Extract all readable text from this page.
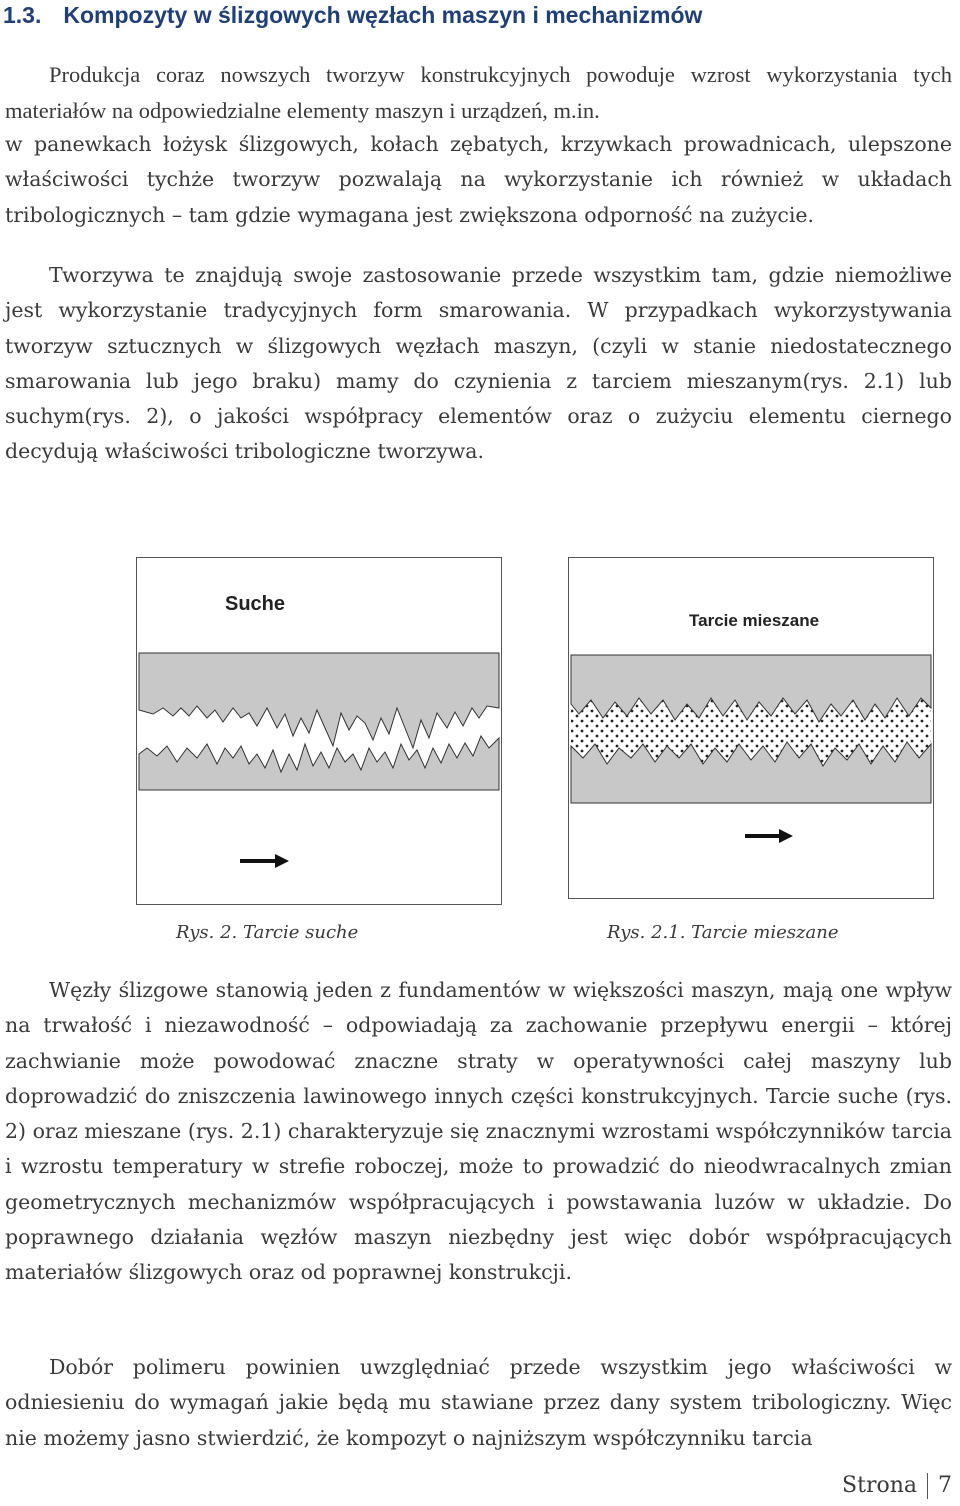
1.3. Kompozyty w ślizgowych węzłach maszyn i mechanizmów

Produkcja coraz nowszych tworzyw konstrukcyjnych powoduje wzrost wykorzystania tych materiałów na odpowiedzialne elementy maszyn i urządzeń, m.in.

w panewkach łożysk ślizgowych, kołach zębatych, krzywkach prowadnicach, ulepszone właściwości tychże tworzyw pozwalają na wykorzystanie ich również w układach tribologicznych – tam gdzie wymagana jest zwiększona odporność na zużycie.

Tworzywa te znajdują swoje zastosowanie przede wszystkim tam, gdzie niemożliwe jest wykorzystanie tradycyjnych form smarowania. W przypadkach wykorzystywania tworzyw sztucznych w ślizgowych węzłach maszyn, (czyli w stanie niedostatecznego smarowania lub jego braku) mamy do czynienia z tarciem mieszanym(rys. 2.1) lub suchym(rys. 2), o jakości współpracy elementów oraz o zużyciu elementu ciernego decydują właściwości tribologiczne tworzywa.

Suche
Tarcie mieszane
Rys. 2. Tarcie suche	Rys. 2.1. Tarcie mieszane

Węzły ślizgowe stanowią jeden z fundamentów w większości maszyn, mają one wpływ na trwałość i niezawodność – odpowiadają za zachowanie przepływu energii – której zachwianie może powodować znaczne straty w operatywności całej maszyny lub doprowadzić do zniszczenia lawinowego innych części konstrukcyjnych. Tarcie suche (rys. 2) oraz mieszane (rys. 2.1) charakteryzuje się znacznymi wzrostami współczynników tarcia i wzrostu temperatury w strefie roboczej, może to prowadzić do nieodwracalnych zmian geometrycznych mechanizmów współpracujących i powstawania luzów w układzie. Do poprawnego działania węzłów maszyn niezbędny jest więc dobór współpracujących materiałów ślizgowych oraz od poprawnej konstrukcji.

Dobór polimeru powinien uwzględniać przede wszystkim jego właściwości w odniesieniu do wymagań jakie będą mu stawiane przez dany system tribologiczny. Więc nie możemy jasno stwierdzić, że kompozyt o najniższym współczynniku tarcia

Strona 7
